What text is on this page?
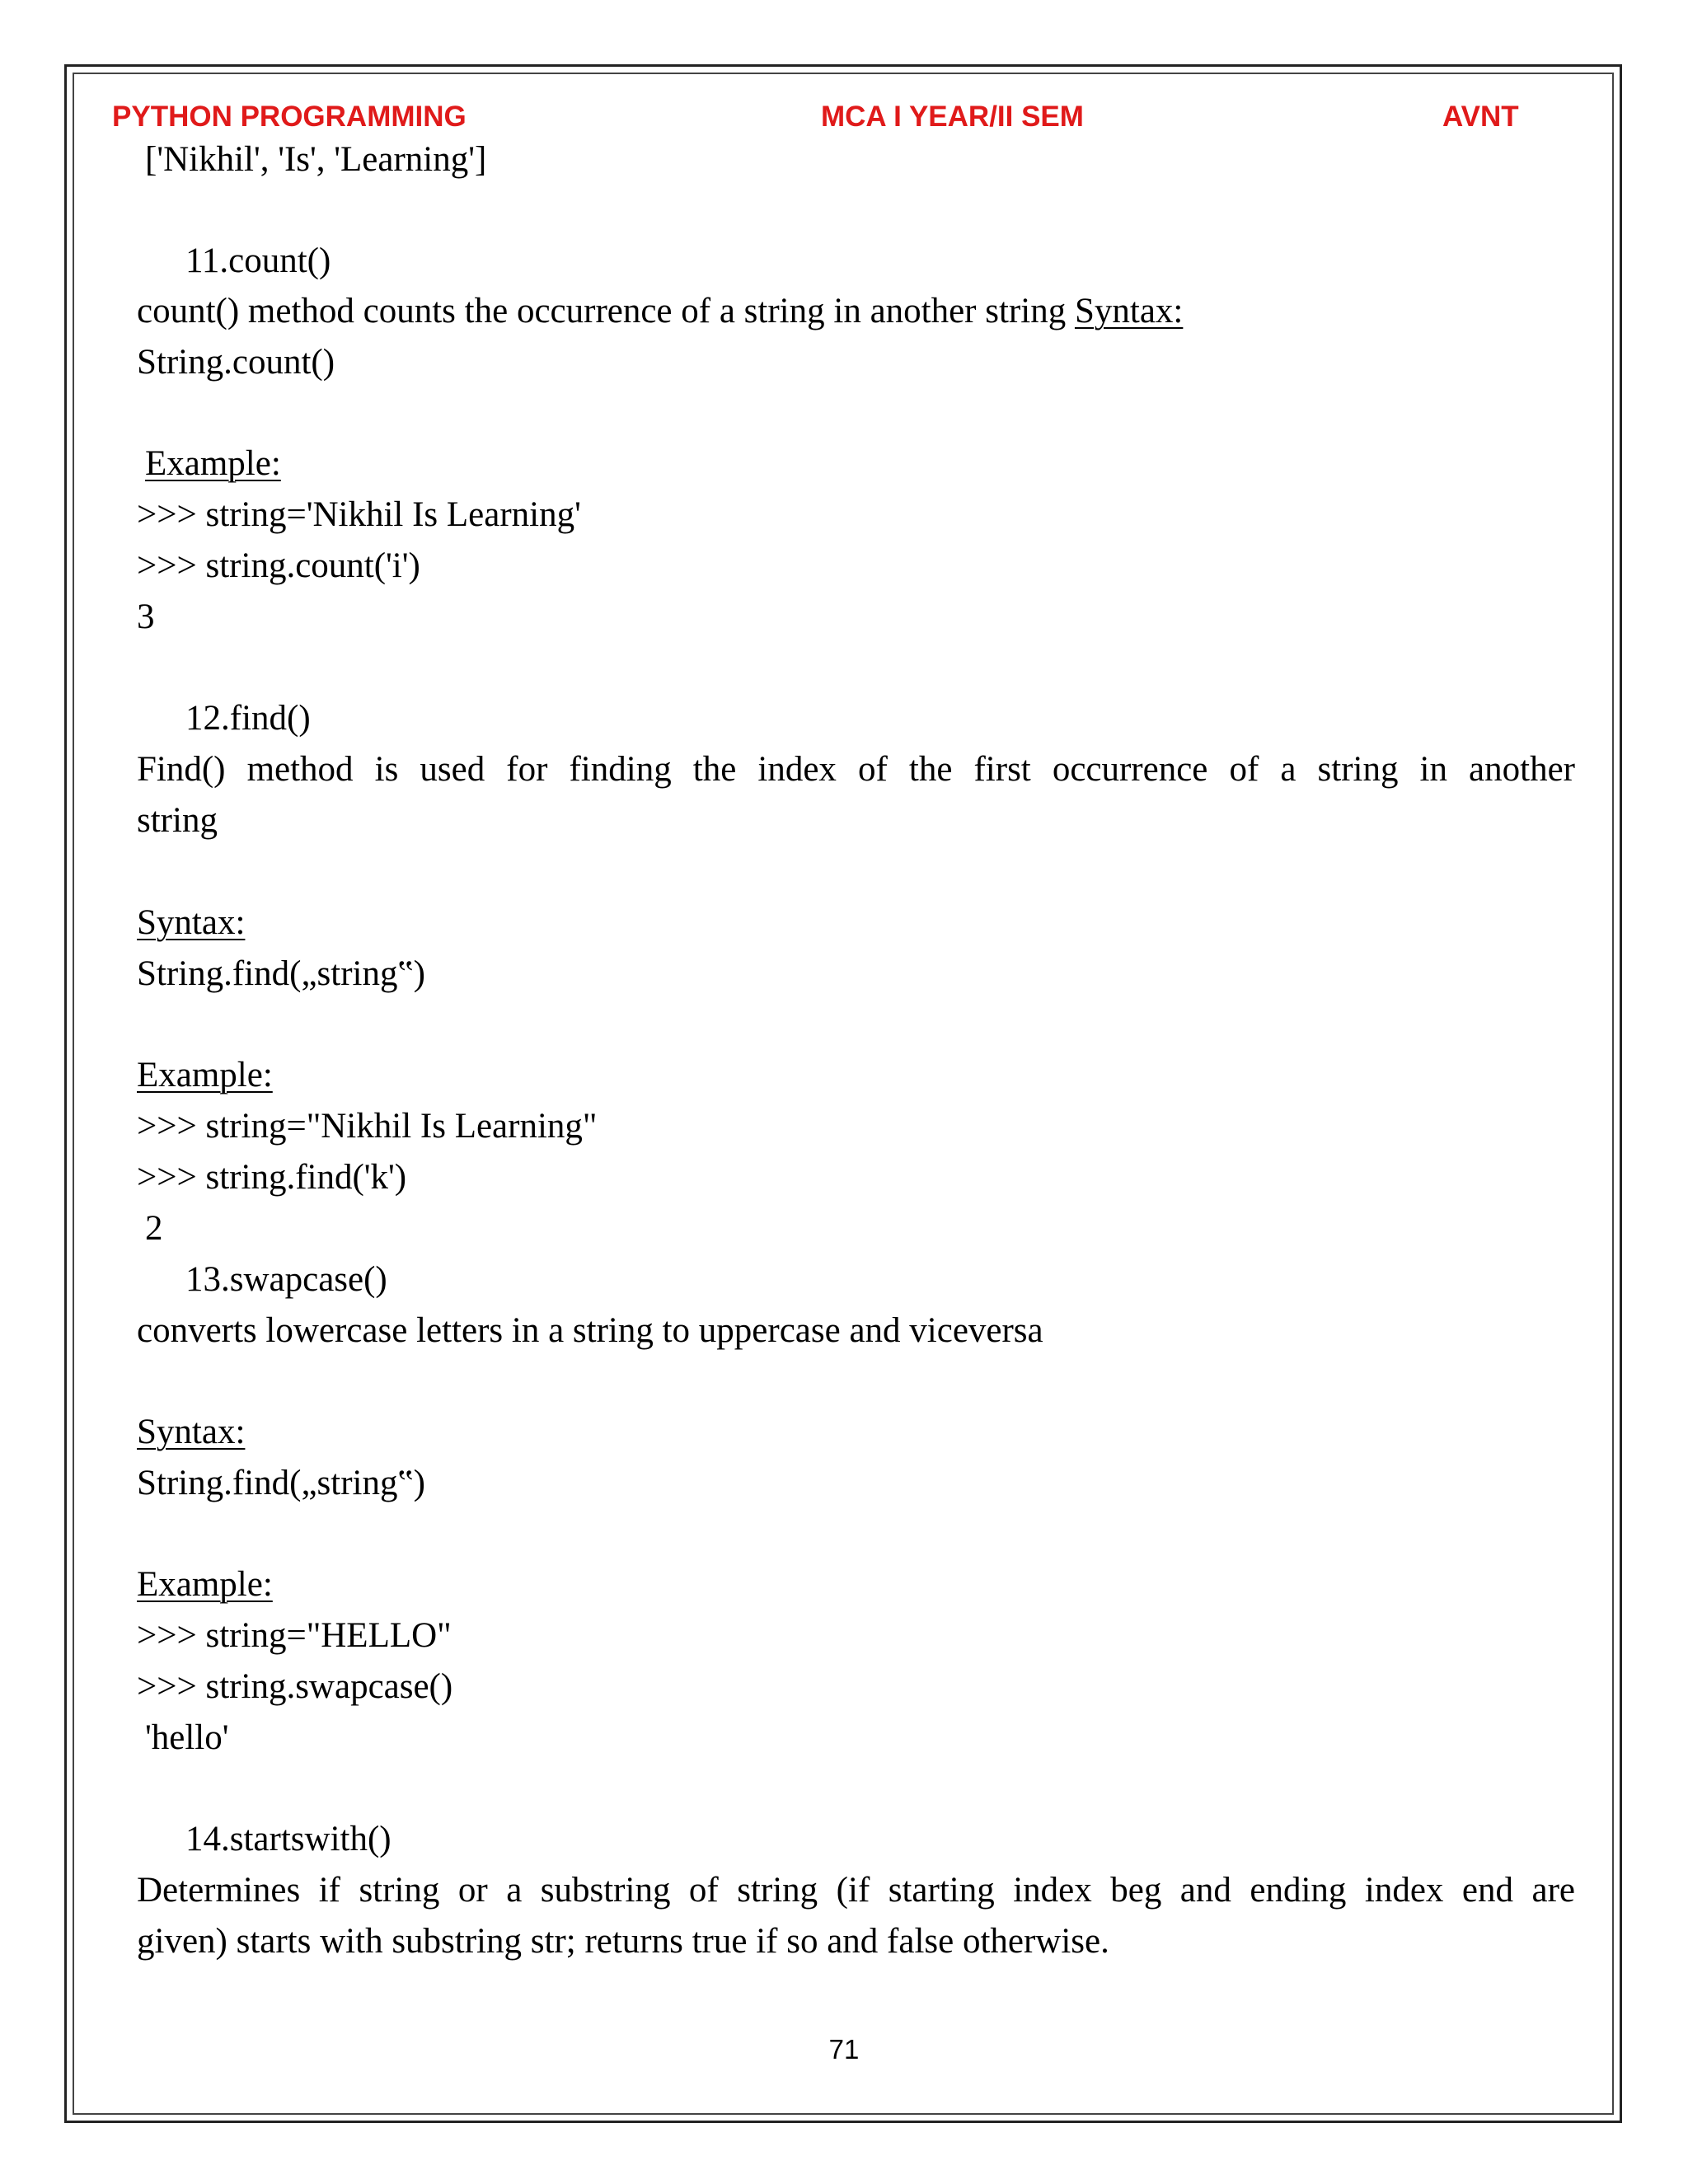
PYTHON PROGRAMMING	MCA I YEAR/II SEM	AVNT
['Nikhil', 'Is', 'Learning']
11.count()
count() method counts the occurrence of a string in another string Syntax:
String.count()
Example:
>>> string='Nikhil Is Learning'
>>> string.count('i')
3
12.find()
Find() method is used for finding the index of the first occurrence of a string in another
string
Syntax:
String.find(„string‟)
Example:
>>> string="Nikhil Is Learning"
>>> string.find('k')
2
13.swapcase()
converts lowercase letters in a string to uppercase and viceversa
Syntax:
String.find(„string‟)
Example:
>>> string="HELLO"
>>> string.swapcase()
'hello'
14.startswith()
Determines if string or a substring of string (if starting index beg and ending index end are
given) starts with substring str; returns true if so and false otherwise.
71
